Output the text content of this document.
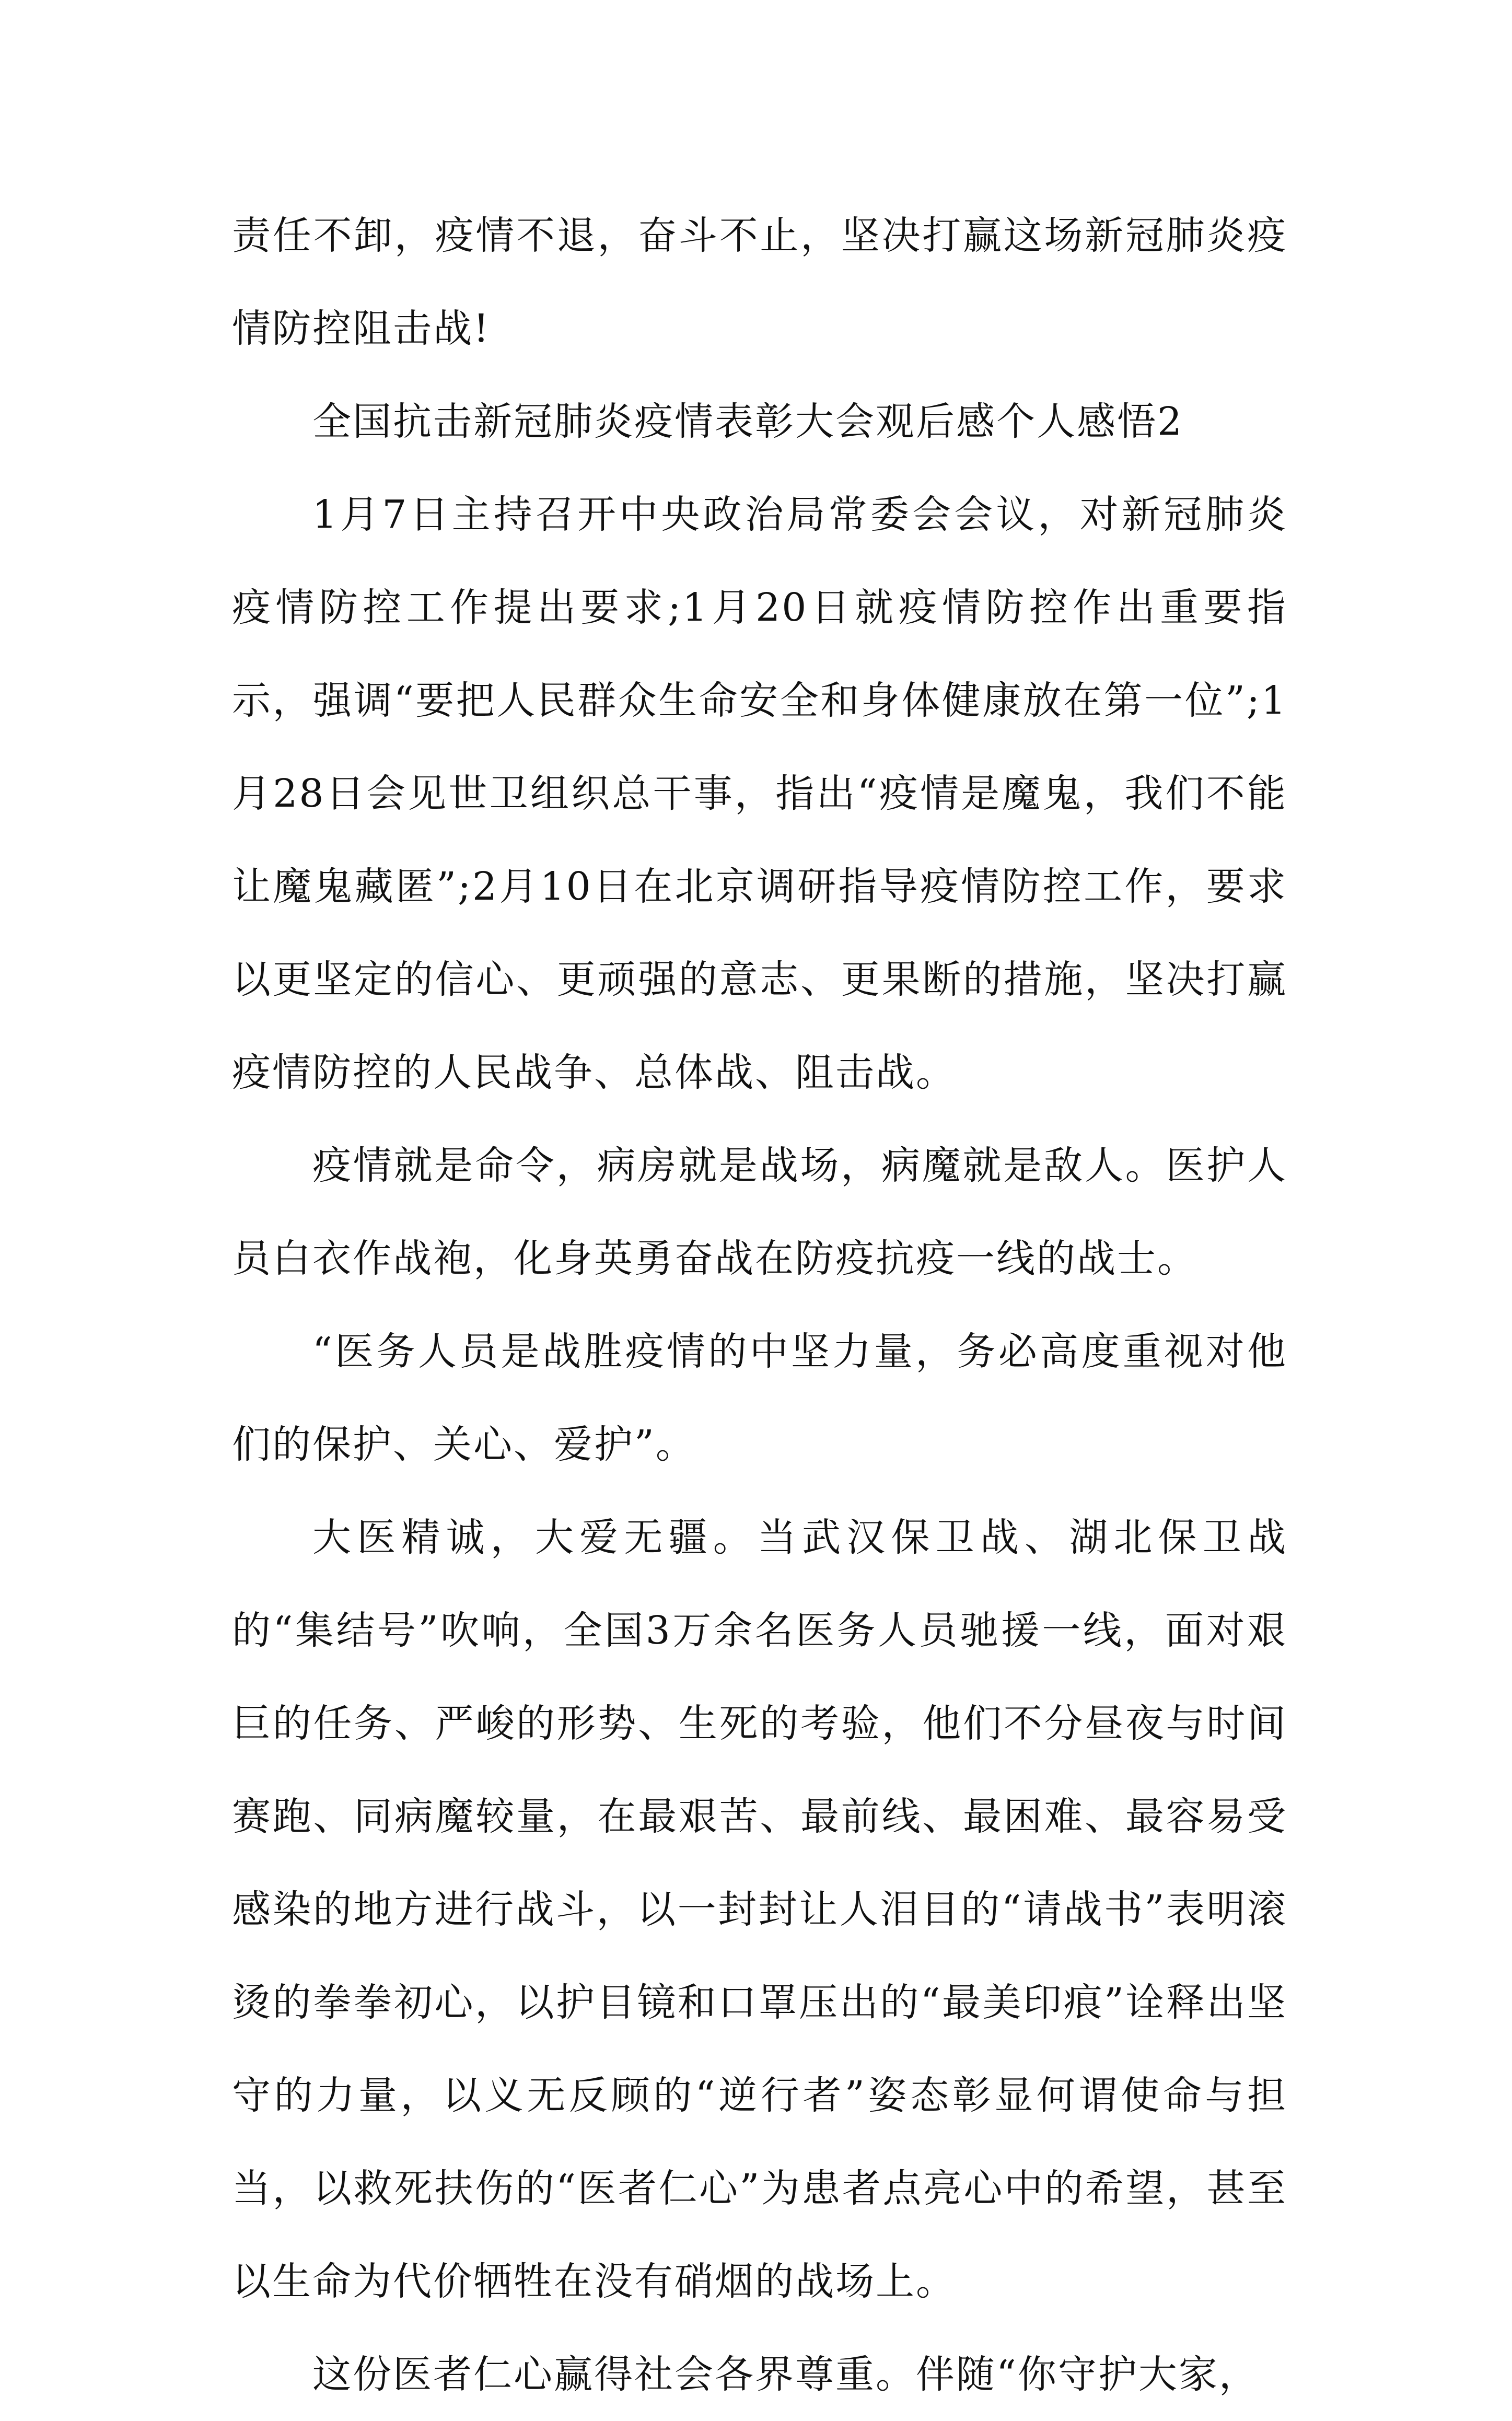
责任不卸，疫情不退，奋斗不止，坚决打赢这场新冠肺炎疫情防控阻击战!

全国抗击新冠肺炎疫情表彰大会观后感个人感悟2

1月7日主持召开中央政治局常委会会议，对新冠肺炎疫情防控工作提出要求;1月20日就疫情防控作出重要指示，强调“要把人民群众生命安全和身体健康放在第一位”;1月28日会见世卫组织总干事，指出“疫情是魔鬼，我们不能让魔鬼藏匿”;2月10日在北京调研指导疫情防控工作，要求以更坚定的信心、更顽强的意志、更果断的措施，坚决打赢疫情防控的人民战争、总体战、阻击战。

疫情就是命令，病房就是战场，病魔就是敌人。医护人员白衣作战袍，化身英勇奋战在防疫抗疫一线的战士。

“医务人员是战胜疫情的中坚力量，务必高度重视对他们的保护、关心、爱护”。

大医精诚，大爱无疆。当武汉保卫战、湖北保卫战的“集结号”吹响，全国3万余名医务人员驰援一线，面对艰巨的任务、严峻的形势、生死的考验，他们不分昼夜与时间赛跑、同病魔较量，在最艰苦、最前线、最困难、最容易受感染的地方进行战斗，以一封封让人泪目的“请战书”表明滚烫的拳拳初心，以护目镜和口罩压出的“最美印痕”诠释出坚守的力量，以义无反顾的“逆行者”姿态彰显何谓使命与担当，以救死扶伤的“医者仁心”为患者点亮心中的希望，甚至以生命为代价牺牲在没有硝烟的战场上。

这份医者仁心赢得社会各界尊重。伴随“你守护大家，
